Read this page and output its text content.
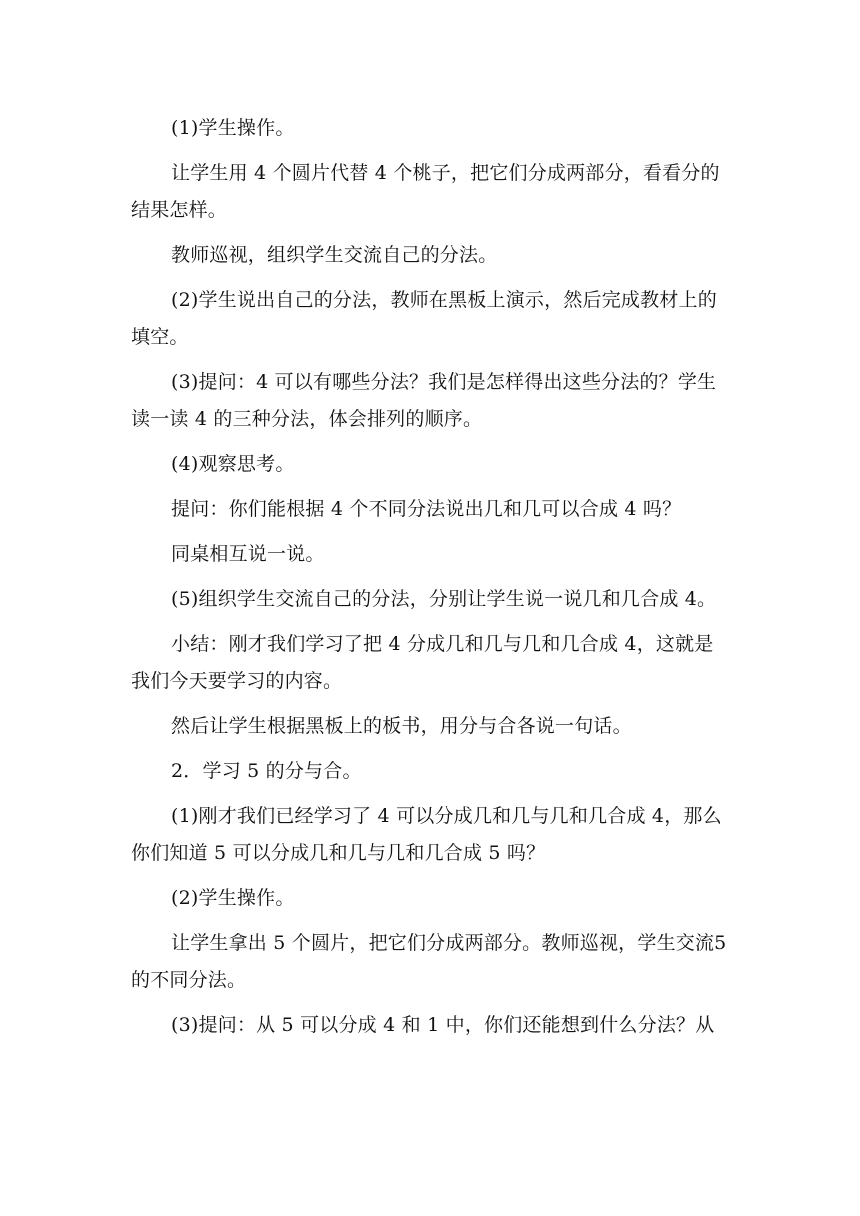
(1)学生操作。

让学生用 4 个圆片代替 4 个桃子，把它们分成两部分，看看分的结果怎样。

教师巡视，组织学生交流自己的分法。

(2)学生说出自己的分法，教师在黑板上演示，然后完成教材上的填空。

(3)提问：4 可以有哪些分法？我们是怎样得出这些分法的？学生读一读 4 的三种分法，体会排列的顺序。

(4)观察思考。

提问：你们能根据 4 个不同分法说出几和几可以合成 4 吗？

同桌相互说一说。

(5)组织学生交流自己的分法，分别让学生说一说几和几合成 4。

小结：刚才我们学习了把 4 分成几和几与几和几合成 4，这就是我们今天要学习的内容。

然后让学生根据黑板上的板书，用分与合各说一句话。

2．学习 5 的分与合。

(1)刚才我们已经学习了 4 可以分成几和几与几和几合成 4，那么你们知道 5 可以分成几和几与几和几合成 5 吗？

(2)学生操作。

让学生拿出 5 个圆片，把它们分成两部分。教师巡视，学生交流5 的不同分法。

(3)提问：从 5 可以分成 4 和 1 中，你们还能想到什么分法？从
